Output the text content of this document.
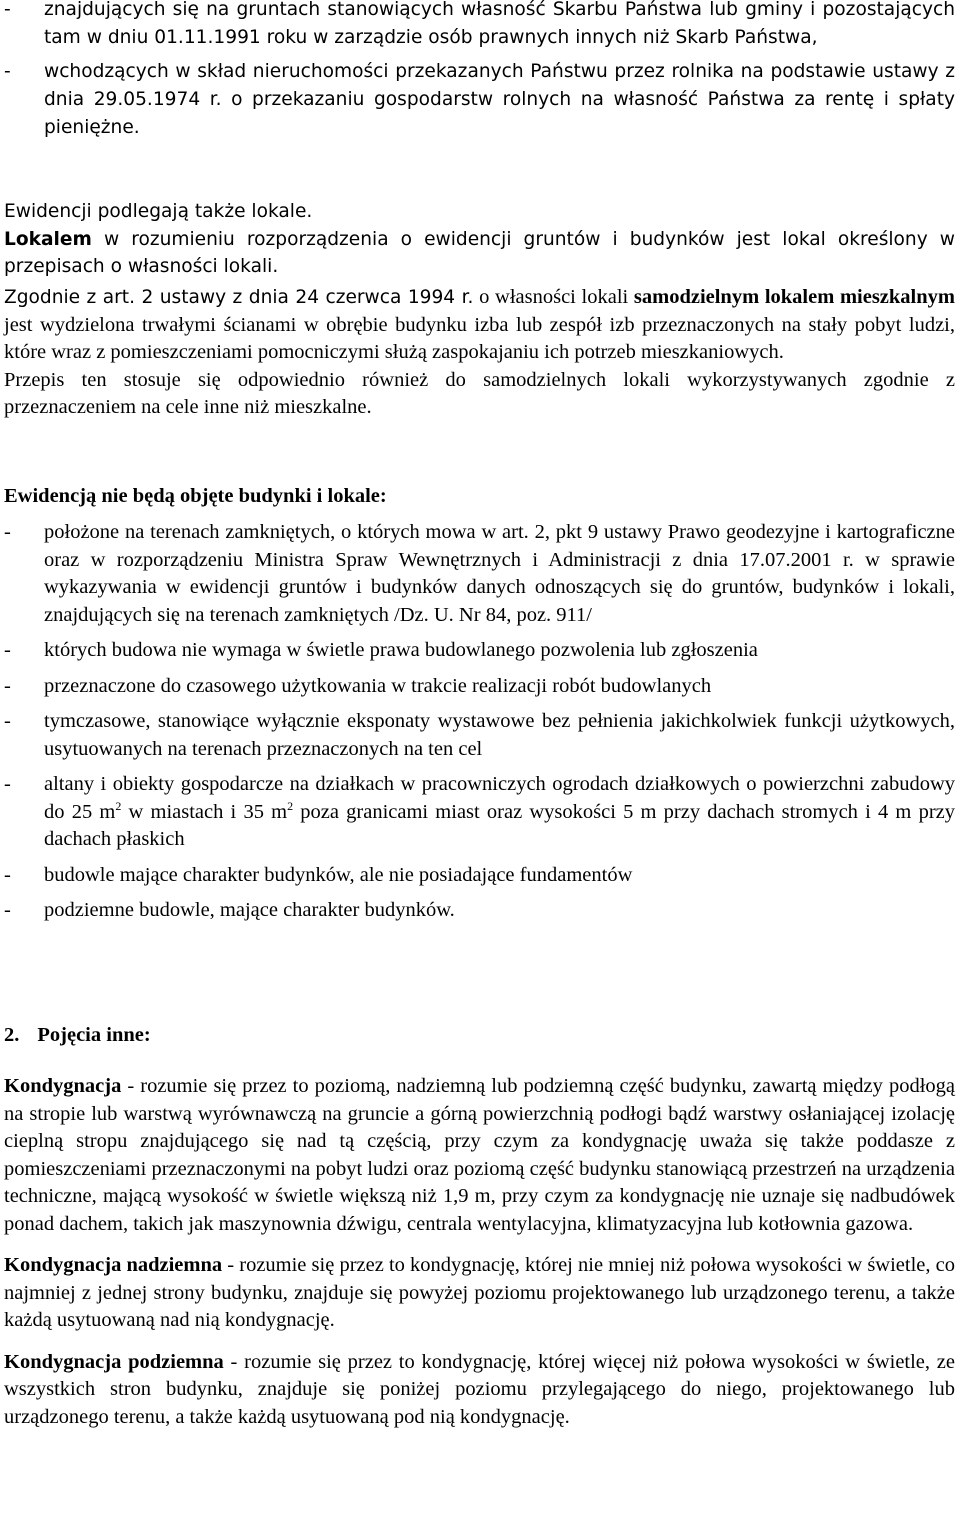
-	znajdujących się na gruntach stanowiących własność Skarbu Państwa lub gminy i pozostających tam w dniu 01.11.1991 roku w zarządzie osób prawnych innych niż Skarb Państwa,
-	wchodzących w skład nieruchomości przekazanych Państwu przez rolnika na podstawie ustawy z dnia 29.05.1974 r. o przekazaniu gospodarstw rolnych na własność Państwa za rentę i spłaty pieniężne.

Ewidencji podlegają także lokale.

Lokalem w rozumieniu rozporządzenia o ewidencji gruntów i budynków jest lokal określony w przepisach o własności lokali.

Zgodnie z art. 2 ustawy z dnia 24 czerwca 1994 r. o własności lokali samodzielnym lokalem mieszkalnym jest wydzielona trwałymi ścianami w obrębie budynku izba lub zespół izb przeznaczonych na stały pobyt ludzi, które wraz z pomieszczeniami pomocniczymi służą zaspokajaniu ich potrzeb mieszkaniowych.

Przepis ten stosuje się odpowiednio również do samodzielnych lokali wykorzystywanych zgodnie z przeznaczeniem na cele inne niż mieszkalne.

Ewidencją nie będą objęte budynki i lokale:

-	położone na terenach zamkniętych, o których mowa w art. 2, pkt 9 ustawy Prawo geodezyjne i kartograficzne oraz w rozporządzeniu Ministra Spraw Wewnętrznych i Administracji z dnia 17.07.2001 r. w sprawie wykazywania w ewidencji gruntów i budynków danych odnoszących się do gruntów, budynków i lokali, znajdujących się na terenach zamkniętych /Dz. U. Nr 84, poz. 911/
-	których budowa nie wymaga w świetle prawa budowlanego pozwolenia lub zgłoszenia
-	przeznaczone do czasowego użytkowania w trakcie realizacji robót budowlanych
-	tymczasowe, stanowiące wyłącznie eksponaty wystawowe bez pełnienia jakichkolwiek funkcji użytkowych, usytuowanych na terenach przeznaczonych na ten cel
-	altany i obiekty gospodarcze na działkach w pracowniczych ogrodach działkowych o powierzchni zabudowy do 25 $m^2$ w miastach i 35 $m^2$ poza granicami miast oraz wysokości 5 m przy dachach stromych i 4 m przy dachach płaskich
-	budowle mające charakter budynków, ale nie posiadające fundamentów
-	podziemne budowle, mające charakter budynków.

2. Pojęcia inne:

Kondygnacja - rozumie się przez to poziomą, nadziemną lub podziemną część budynku, zawartą między podłogą na stropie lub warstwą wyrównawczą na gruncie a górną powierzchnią podłogi bądź warstwy osłaniającej izolację cieplną stropu znajdującego się nad tą częścią, przy czym za kondygnację uważa się także poddasze z pomieszczeniami przeznaczonymi na pobyt ludzi oraz poziomą część budynku stanowiącą przestrzeń na urządzenia techniczne, mającą wysokość w świetle większą niż 1,9 m, przy czym za kondygnację nie uznaje się nadbudówek ponad dachem, takich jak maszynownia dźwigu, centrala wentylacyjna, klimatyzacyjna lub kotłownia gazowa.

Kondygnacja nadziemna - rozumie się przez to kondygnację, której nie mniej niż połowa wysokości w świetle, co najmniej z jednej strony budynku, znajduje się powyżej poziomu projektowanego lub urządzonego terenu, a także każdą usytuowaną nad nią kondygnację.

Kondygnacja podziemna - rozumie się przez to kondygnację, której więcej niż połowa wysokości w świetle, ze wszystkich stron budynku, znajduje się poniżej poziomu przylegającego do niego, projektowanego lub urządzonego terenu, a także każdą usytuowaną pod nią kondygnację.
